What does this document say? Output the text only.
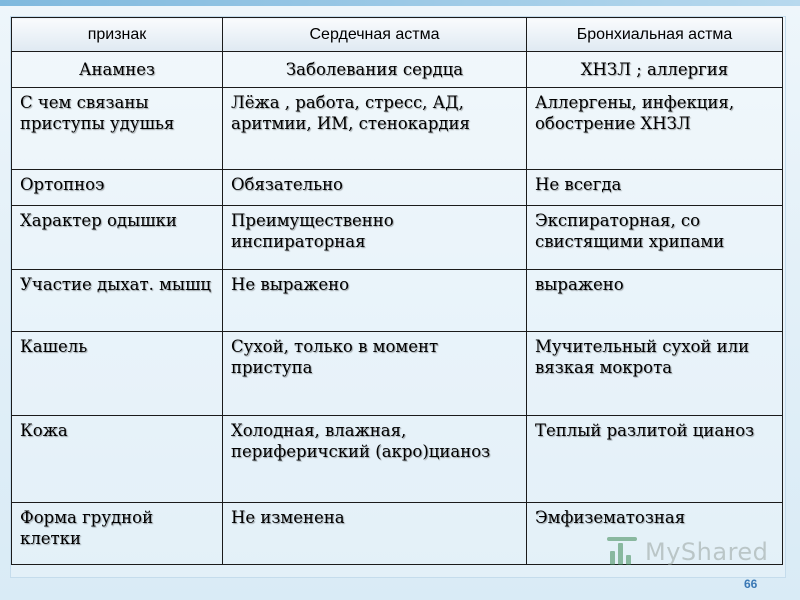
признак	Сердечная астма	Бронхиальная астма
Анамнез	Заболевания сердца	ХНЗЛ ; аллергия
С чем связаны приступы удушья	Лёжа , работа, стресс, АД, аритмии, ИМ, стенокардия	Аллергены, инфекция, обострение ХНЗЛ
Ортопноэ	Обязательно	Не всегда
Характер одышки	Преимущественно инспираторная	Экспираторная, со свистящими хрипами
Участие дыхат. мышц	Не выражено	выражено
Кашель	Сухой, только в момент приступа	Мучительный сухой или вязкая мокрота
Кожа	Холодная, влажная, периферичский (акро)цианоз	Теплый разлитой цианоз
Форма грудной клетки	Не изменена	Эмфизематозная
MyShared
66
